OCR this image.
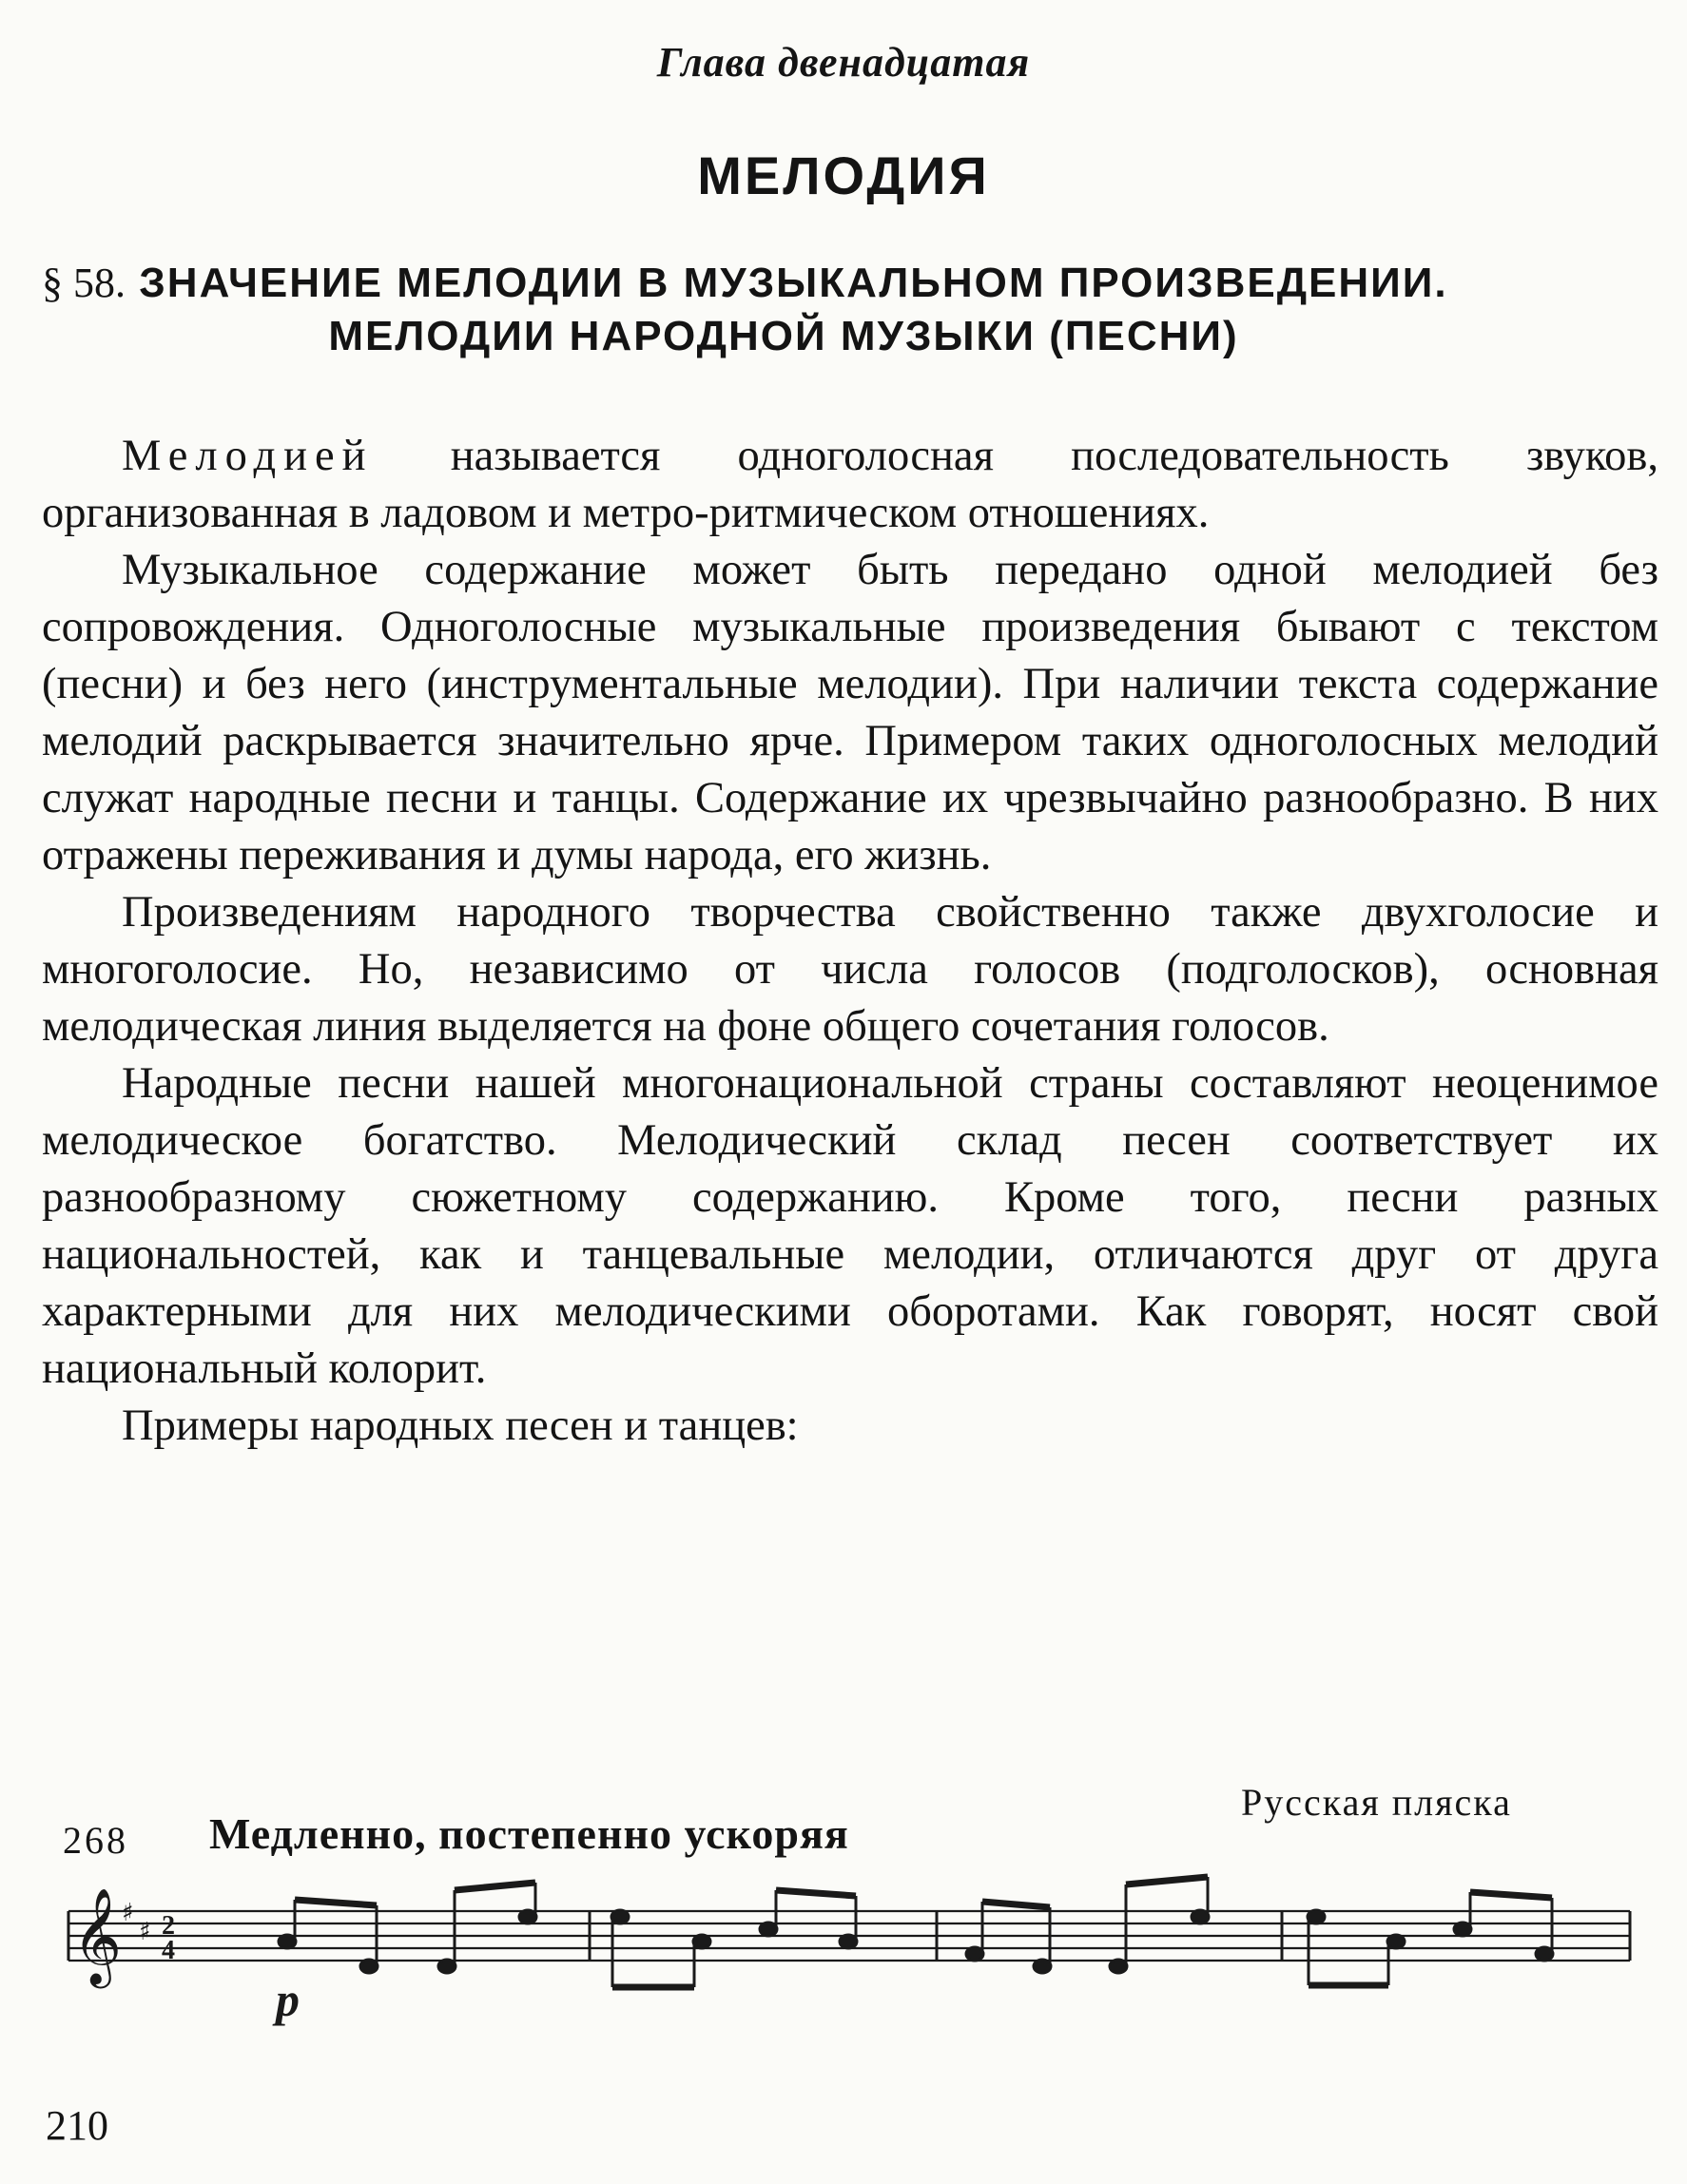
Глава двенадцатая
МЕЛОДИЯ
§ 58. ЗНАЧЕНИЕ МЕЛОДИИ В МУЗЫКАЛЬНОМ ПРОИЗВЕДЕНИИ.
МЕЛОДИИ НАРОДНОЙ МУЗЫКИ (ПЕСНИ)

Мелодией называется одноголосная последовательность звуков, организованная в ладовом и метро-ритмическом отношениях.

Музыкальное содержание может быть передано одной мелодией без сопровождения. Одноголосные музыкальные произведения бывают с текстом (песни) и без него (инструментальные мелодии). При наличии текста содержание мелодий раскрывается значительно ярче. Примером таких одноголосных мелодий служат народные песни и танцы. Содержание их чрезвычайно разнообразно. В них отражены переживания и думы народа, его жизнь.

Произведениям народного творчества свойственно также двухголосие и многоголосие. Но, независимо от числа голосов (подголосков), основная мелодическая линия выделяется на фоне общего сочетания голосов.

Народные песни нашей многонациональной страны составляют неоценимое мелодическое богатство. Мелодический склад песен соответствует их разнообразному сюжетному содержанию. Кроме того, песни разных национальностей, как и танцевальные мелодии, отличаются друг от друга характерными для них мелодическими оборотами. Как говорят, носят свой национальный колорит.

Примеры народных песен и танцев:

Русская пляска
268 Медленно, постепенно ускоряя
𝄞 ♯
♯ 2
4
p
210
